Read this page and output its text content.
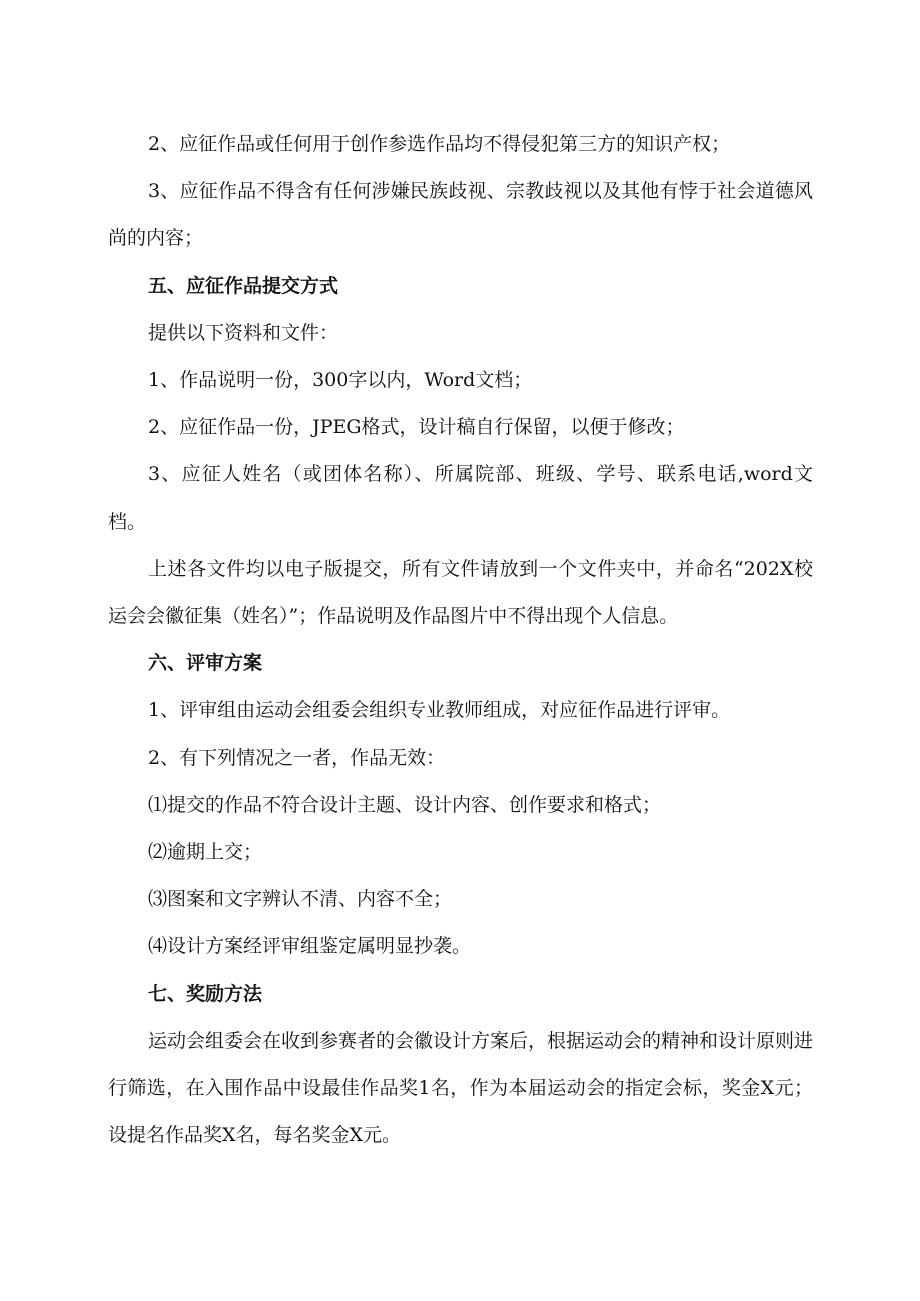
2、应征作品或任何用于创作参选作品均不得侵犯第三方的知识产权；

3、应征作品不得含有任何涉嫌民族歧视、宗教歧视以及其他有悖于社会道德风尚的内容；

五、应征作品提交方式

提供以下资料和文件：

1、作品说明一份，300字以内，Word文档；

2、应征作品一份，JPEG格式，设计稿自行保留，以便于修改；

3、应征人姓名（或团体名称）、所属院部、班级、学号、联系电话,word文档。

上述各文件均以电子版提交，所有文件请放到一个文件夹中，并命名“202X校运会会徽征集（姓名）”；作品说明及作品图片中不得出现个人信息。

六、评审方案

1、评审组由运动会组委会组织专业教师组成，对应征作品进行评审。

2、有下列情况之一者，作品无效：

⑴提交的作品不符合设计主题、设计内容、创作要求和格式；

⑵逾期上交；

⑶图案和文字辨认不清、内容不全；

⑷设计方案经评审组鉴定属明显抄袭。

七、奖励方法

运动会组委会在收到参赛者的会徽设计方案后，根据运动会的精神和设计原则进行筛选，在入围作品中设最佳作品奖1名，作为本届运动会的指定会标，奖金X元；设提名作品奖X名，每名奖金X元。
